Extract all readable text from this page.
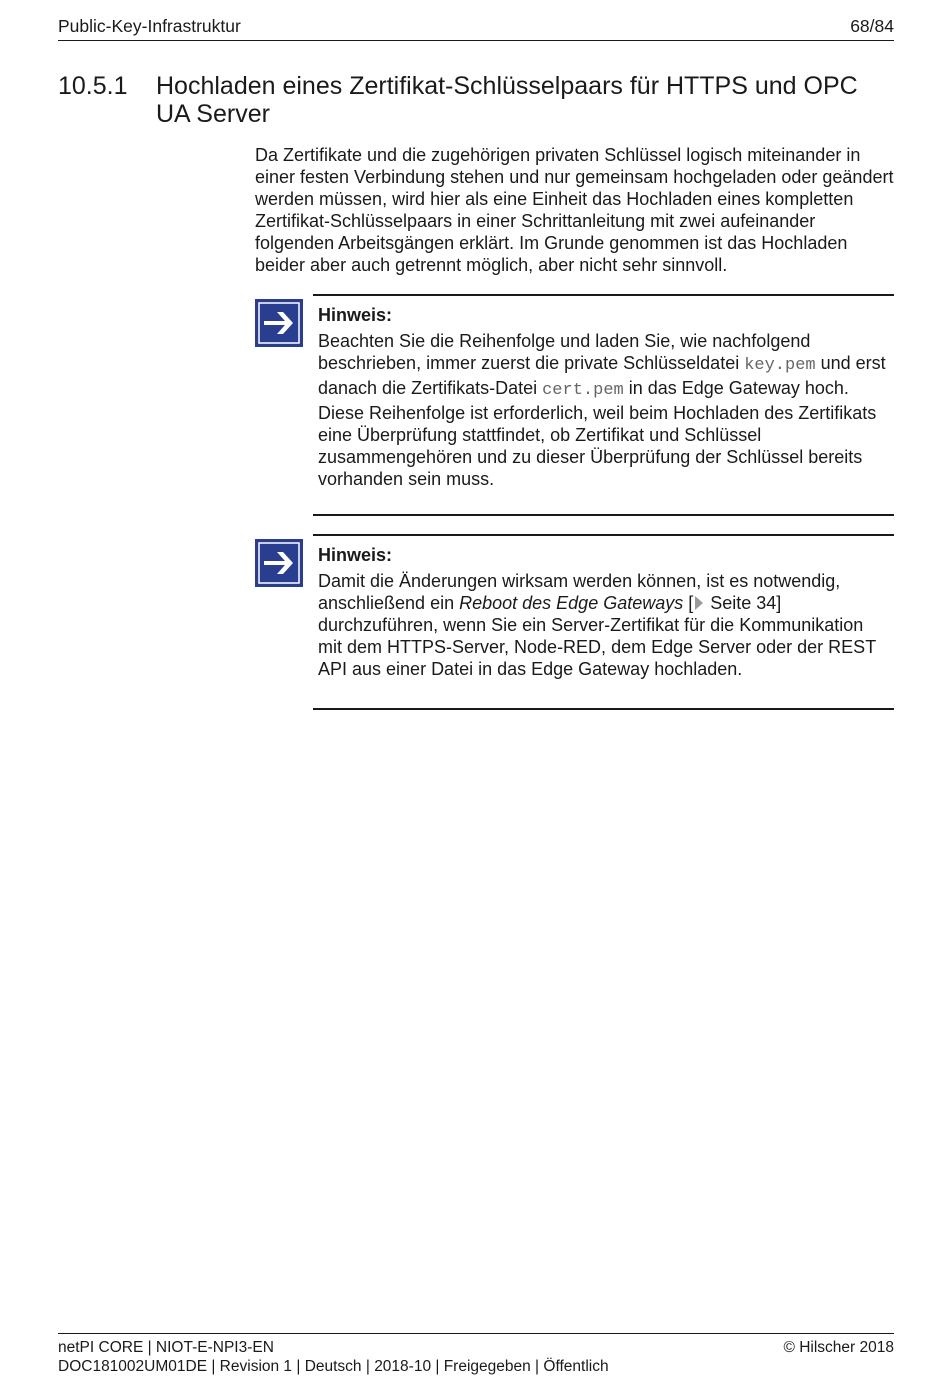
Public-Key-Infrastruktur	68/84
10.5.1 Hochladen eines Zertifikat-Schlüsselpaars für HTTPS und OPC UA Server
Da Zertifikate und die zugehörigen privaten Schlüssel logisch miteinander in einer festen Verbindung stehen und nur gemeinsam hochgeladen oder geändert werden müssen, wird hier als eine Einheit das Hochladen eines kompletten Zertifikat-Schlüsselpaars in einer Schrittanleitung mit zwei aufeinander folgenden Arbeitsgängen erklärt. Im Grunde genommen ist das Hochladen beider aber auch getrennt möglich, aber nicht sehr sinnvoll.
Hinweis:
Beachten Sie die Reihenfolge und laden Sie, wie nachfolgend beschrieben, immer zuerst die private Schlüsseldatei key.pem und erst danach die Zertifikats-Datei cert.pem in das Edge Gateway hoch.
Diese Reihenfolge ist erforderlich, weil beim Hochladen des Zertifikats eine Überprüfung stattfindet, ob Zertifikat und Schlüssel zusammengehören und zu dieser Überprüfung der Schlüssel bereits vorhanden sein muss.
Hinweis:
Damit die Änderungen wirksam werden können, ist es notwendig, anschließend ein Reboot des Edge Gateways [ Seite 34] durchzuführen, wenn Sie ein Server-Zertifikat für die Kommunikation mit dem HTTPS-Server, Node-RED, dem Edge Server oder der REST API aus einer Datei in das Edge Gateway hochladen.
netPI CORE | NIOT-E-NPI3-EN
DOC181002UM01DE | Revision 1 | Deutsch | 2018-10 | Freigegeben | Öffentlich
© Hilscher 2018
